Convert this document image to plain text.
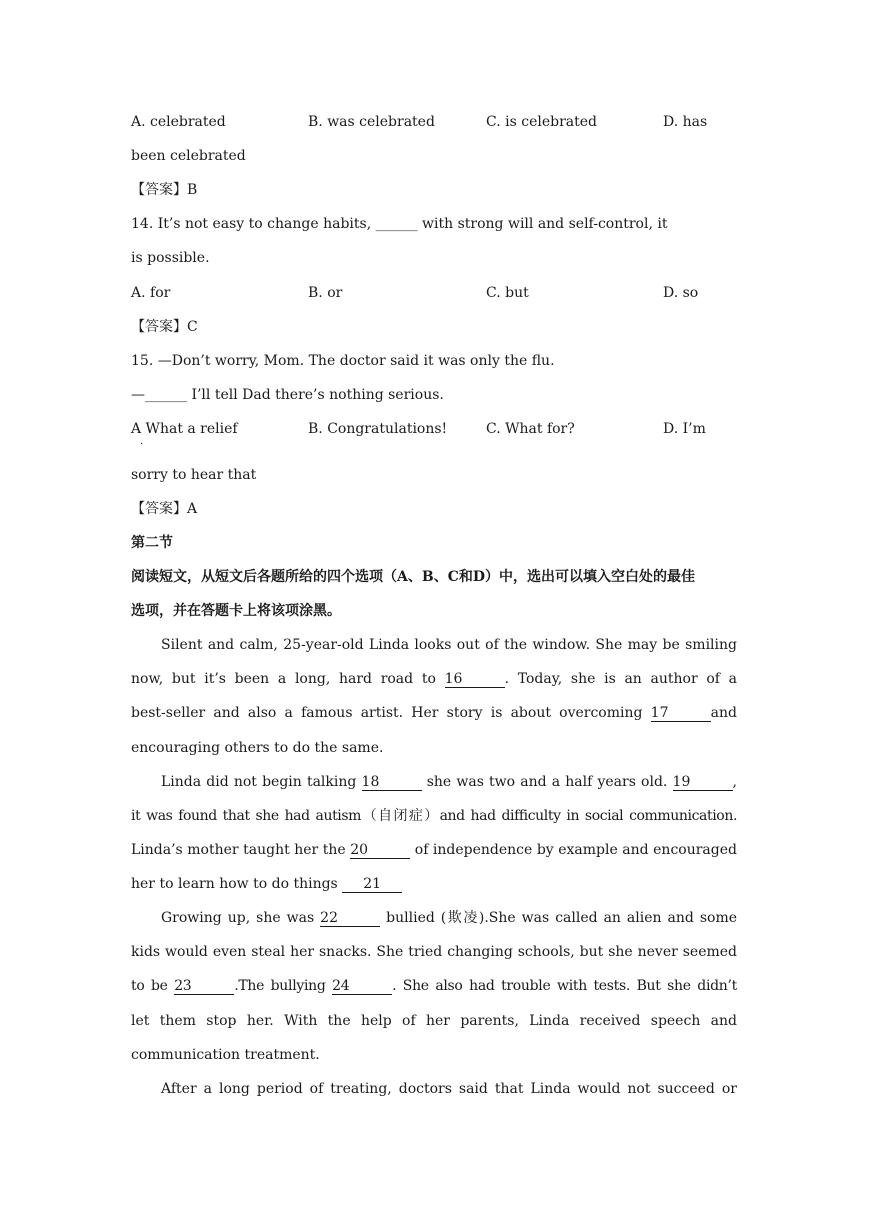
A. celebrated	B. was celebrated	C. is celebrated	D. has
been celebrated
【答案】B
14. It’s not easy to change habits, ______ with strong will and self-control, it
is possible.
A. for	B. or	C. but	D. so
【答案】C
15. —Don’t worry, Mom. The doctor said it was only the flu.
—______ I’ll tell Dad there’s nothing serious.
A What a relief
·
B. Congratulations!	C. What for?	D. I’m
sorry to hear that
【答案】A
第二节
阅读短文，从短文后各题所给的四个选项（A、B、C和D）中，选出可以填入空白处的最佳
选项，并在答题卡上将该项涂黑。
Silent and calm, 25-year-old Linda looks out of the window. She may be smiling
now, but it’s been a long, hard road to 16	. Today, she is an author of a
best-seller and also a famous artist. Her story is about overcoming 17	and
encouraging others to do the same.
Linda did not begin talking 18	she was two and a half years old. 19	,
it was found that she had autism（自闭症）and had difficulty in social communication.
Linda’s mother taught her the 20	of independence by example and encouraged
her to learn how to do things 21
Growing up, she was 22	bullied (欺凌).She was called an alien and some
kids would even steal her snacks. She tried changing schools, but she never seemed
to be 23	.The bullying 24	. She also had trouble with tests. But she didn’t
let them stop her. With the help of her parents, Linda received speech and
communication treatment.
After a long period of treating, doctors said that Linda would not succeed or
